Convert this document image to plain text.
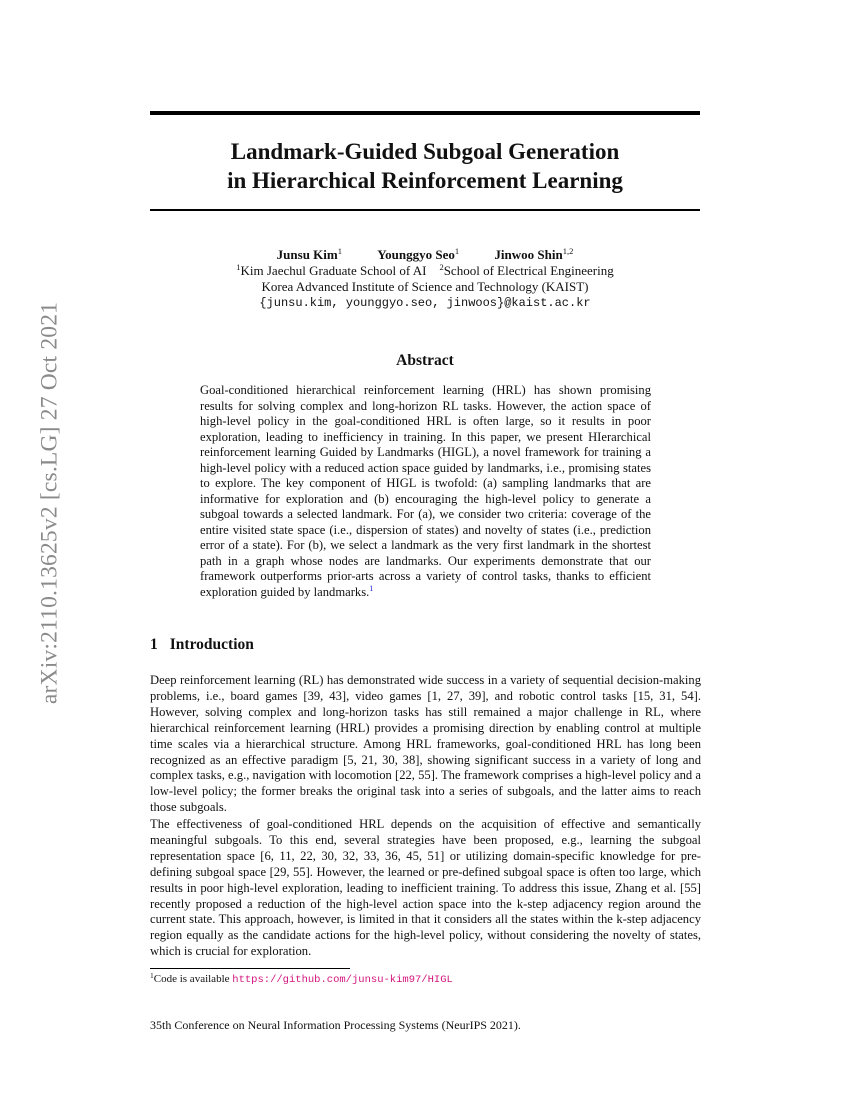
arXiv:2110.13625v2 [cs.LG] 27 Oct 2021
Landmark-Guided Subgoal Generation
in Hierarchical Reinforcement Learning
Junsu Kim$^1$	Younggyo Seo$^1$	Jinwoo Shin$^{1,2}$
$^1$Kim Jaechul Graduate School of AI $^2$School of Electrical Engineering
Korea Advanced Institute of Science and Technology (KAIST)
{junsu.kim, younggyo.seo, jinwoos}@kaist.ac.kr
Abstract
Goal-conditioned hierarchical reinforcement learning (HRL) has shown promising results for solving complex and long-horizon RL tasks. However, the action space of high-level policy in the goal-conditioned HRL is often large, so it results in poor exploration, leading to inefficiency in training. In this paper, we present HIerarchical reinforcement learning Guided by Landmarks (HIGL), a novel framework for training a high-level policy with a reduced action space guided by landmarks, i.e., promising states to explore. The key component of HIGL is twofold: (a) sampling landmarks that are informative for exploration and (b) encouraging the high-level policy to generate a subgoal towards a selected landmark. For (a), we consider two criteria: coverage of the entire visited state space (i.e., dispersion of states) and novelty of states (i.e., prediction error of a state). For (b), we select a landmark as the very first landmark in the shortest path in a graph whose nodes are landmarks. Our experiments demonstrate that our framework outperforms prior-arts across a variety of control tasks, thanks to efficient exploration guided by landmarks.$^1$
1 Introduction

Deep reinforcement learning (RL) has demonstrated wide success in a variety of sequential decision-making problems, i.e., board games [39, 43], video games [1, 27, 39], and robotic control tasks [15, 31, 54]. However, solving complex and long-horizon tasks has still remained a major challenge in RL, where hierarchical reinforcement learning (HRL) provides a promising direction by enabling control at multiple time scales via a hierarchical structure. Among HRL frameworks, goal-conditioned HRL has long been recognized as an effective paradigm [5, 21, 30, 38], showing significant success in a variety of long and complex tasks, e.g., navigation with locomotion [22, 55]. The framework comprises a high-level policy and a low-level policy; the former breaks the original task into a series of subgoals, and the latter aims to reach those subgoals.

The effectiveness of goal-conditioned HRL depends on the acquisition of effective and semantically meaningful subgoals. To this end, several strategies have been proposed, e.g., learning the subgoal representation space [6, 11, 22, 30, 32, 33, 36, 45, 51] or utilizing domain-specific knowledge for pre-defining subgoal space [29, 55]. However, the learned or pre-defined subgoal space is often too large, which results in poor high-level exploration, leading to inefficient training. To address this issue, Zhang et al. [55] recently proposed a reduction of the high-level action space into the k-step adjacency region around the current state. This approach, however, is limited in that it considers all the states within the k-step adjacency region equally as the candidate actions for the high-level policy, without considering the novelty of states, which is crucial for exploration.

$^1$Code is available https://github.com/junsu-kim97/HIGL
35th Conference on Neural Information Processing Systems (NeurIPS 2021).
